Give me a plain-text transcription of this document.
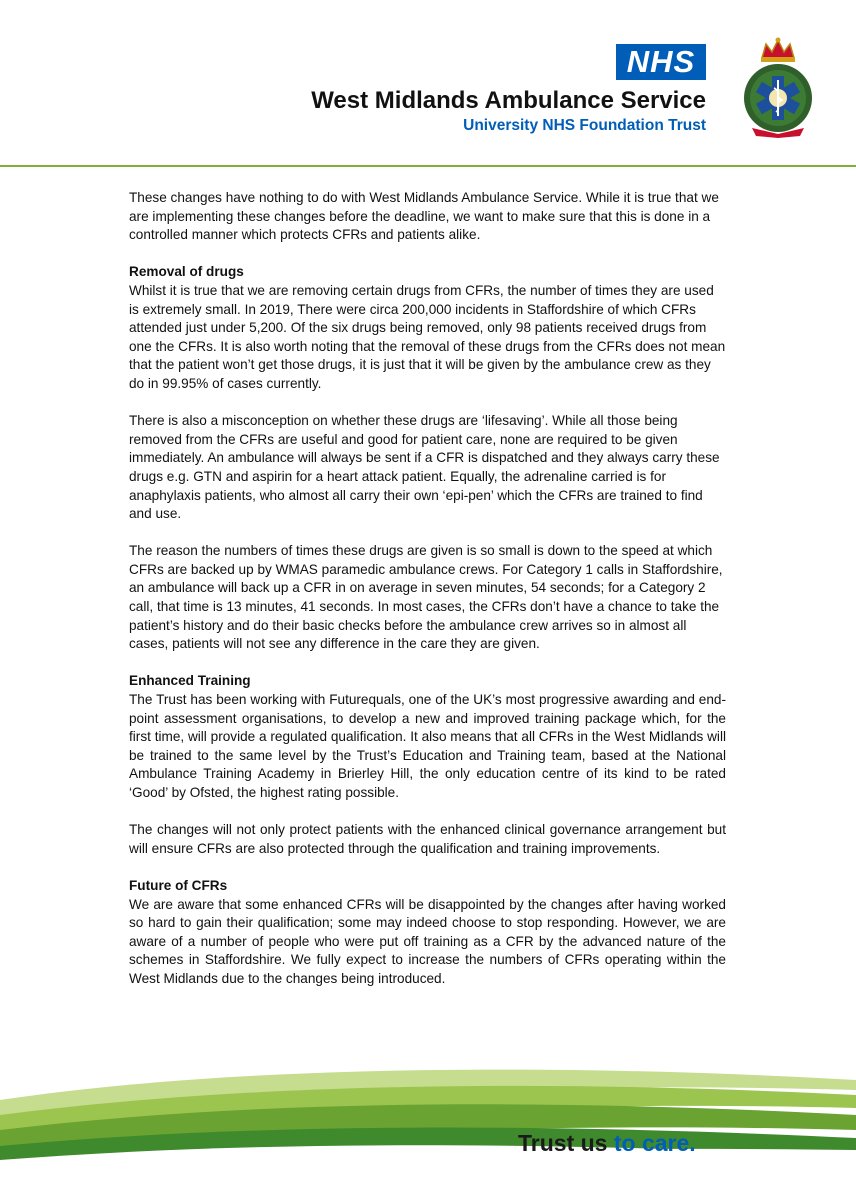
NHS
West Midlands Ambulance Service
University NHS Foundation Trust

These changes have nothing to do with West Midlands Ambulance Service. While it is true that we are implementing these changes before the deadline, we want to make sure that this is done in a controlled manner which protects CFRs and patients alike.

Removal of drugs
Whilst it is true that we are removing certain drugs from CFRs, the number of times they are used is extremely small. In 2019, There were circa 200,000 incidents in Staffordshire of which CFRs attended just under 5,200. Of the six drugs being removed, only 98 patients received drugs from one the CFRs. It is also worth noting that the removal of these drugs from the CFRs does not mean that the patient won’t get those drugs, it is just that it will be given by the ambulance crew as they do in 99.95% of cases currently.

There is also a misconception on whether these drugs are ‘lifesaving’. While all those being removed from the CFRs are useful and good for patient care, none are required to be given immediately. An ambulance will always be sent if a CFR is dispatched and they always carry these drugs e.g. GTN and aspirin for a heart attack patient. Equally, the adrenaline carried is for anaphylaxis patients, who almost all carry their own ‘epi-pen’ which the CFRs are trained to find and use.

The reason the numbers of times these drugs are given is so small is down to the speed at which CFRs are backed up by WMAS paramedic ambulance crews. For Category 1 calls in Staffordshire, an ambulance will back up a CFR in on average in seven minutes, 54 seconds; for a Category 2 call, that time is 13 minutes, 41 seconds. In most cases, the CFRs don’t have a chance to take the patient’s history and do their basic checks before the ambulance crew arrives so in almost all cases, patients will not see any difference in the care they are given.

Enhanced Training
The Trust has been working with Futurequals, one of the UK’s most progressive awarding and end-point assessment organisations, to develop a new and improved training package which, for the first time, will provide a regulated qualification. It also means that all CFRs in the West Midlands will be trained to the same level by the Trust’s Education and Training team, based at the National Ambulance Training Academy in Brierley Hill, the only education centre of its kind to be rated ‘Good’ by Ofsted, the highest rating possible.

The changes will not only protect patients with the enhanced clinical governance arrangement but will ensure CFRs are also protected through the qualification and training improvements.

Future of CFRs
We are aware that some enhanced CFRs will be disappointed by the changes after having worked so hard to gain their qualification; some may indeed choose to stop responding. However, we are aware of a number of people who were put off training as a CFR by the advanced nature of the schemes in Staffordshire. We fully expect to increase the numbers of CFRs operating within the West Midlands due to the changes being introduced.

Trust us to care.
